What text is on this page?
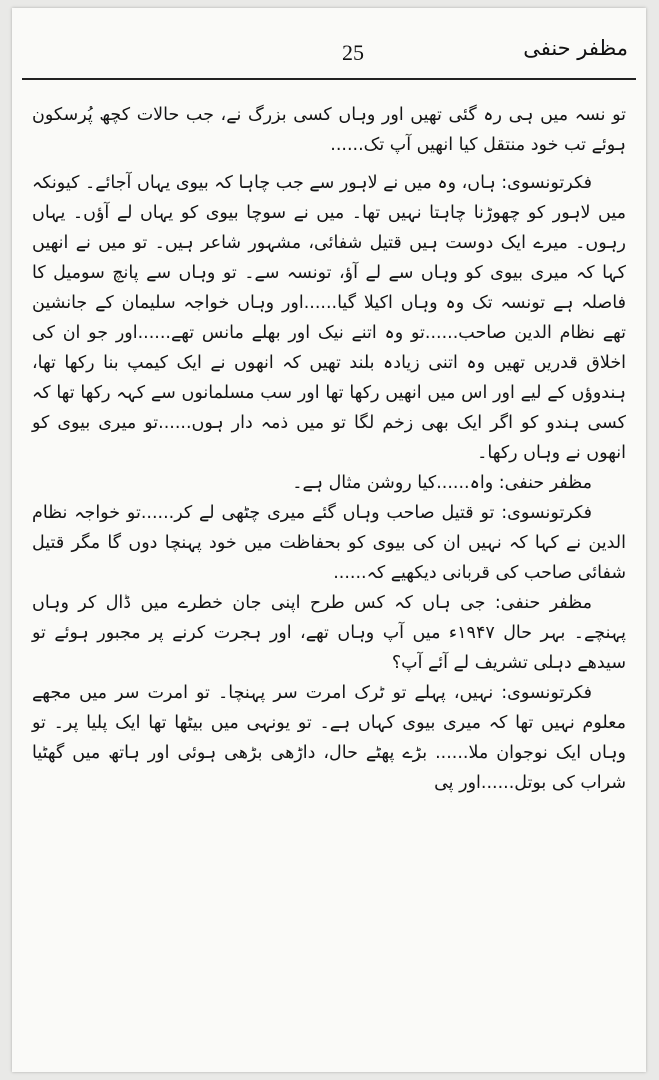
25	مظفر حنفی

تو نسہ میں ہی رہ گئی تھیں اور وہاں کسی بزرگ نے، جب حالات کچھ پُرسکون ہوئے تب خود منتقل کیا انھیں آپ تک......

فکرتونسوی: ہاں، وہ میں نے لاہور سے جب چاہا کہ بیوی یہاں آجائے۔ کیونکہ میں لاہور کو چھوڑنا چاہتا نہیں تھا۔ میں نے سوچا بیوی کو یہاں لے آؤں۔ یہاں رہوں۔ میرے ایک دوست ہیں قتیل شفائی، مشہور شاعر ہیں۔ تو میں نے انھیں کہا کہ میری بیوی کو وہاں سے لے آؤ، تونسہ سے۔ تو وہاں سے پانچ سومیل کا فاصلہ ہے تونسہ تک وہ وہاں اکیلا گیا......اور وہاں خواجہ سلیمان کے جانشین تھے نظام الدین صاحب......تو وہ اتنے نیک اور بھلے مانس تھے......اور جو ان کی اخلاق قدریں تھیں وہ اتنی زیادہ بلند تھیں کہ انھوں نے ایک کیمپ بنا رکھا تھا، ہندوؤں کے لیے اور اس میں انھیں رکھا تھا اور سب مسلمانوں سے کہہ رکھا تھا کہ کسی ہندو کو اگر ایک بھی زخم لگا تو میں ذمہ دار ہوں......تو میری بیوی کو انھوں نے وہاں رکھا۔

مظفر حنفی: واہ......کیا روشن مثال ہے۔

فکرتونسوی: تو قتیل صاحب وہاں گئے میری چٹھی لے کر......تو خواجہ نظام الدین نے کہا کہ نہیں ان کی بیوی کو بحفاظت میں خود پہنچا دوں گا مگر قتیل شفائی صاحب کی قربانی دیکھیے کہ......

مظفر حنفی: جی ہاں کہ کس طرح اپنی جان خطرے میں ڈال کر وہاں پہنچے۔ بہر حال ۱۹۴۷ء میں آپ وہاں تھے، اور ہجرت کرنے پر مجبور ہوئے تو سیدھے دہلی تشریف لے آئے آپ؟

فکرتونسوی: نہیں، پہلے تو ٹرک امرت سر پہنچا۔ تو امرت سر میں مجھے معلوم نہیں تھا کہ میری بیوی کہاں ہے۔ تو یونہی میں بیٹھا تھا ایک پلیا پر۔ تو وہاں ایک نوجوان ملا...... بڑے پھٹے حال، داڑھی بڑھی ہوئی اور ہاتھ میں گھٹیا شراب کی بوتل......اور پی
